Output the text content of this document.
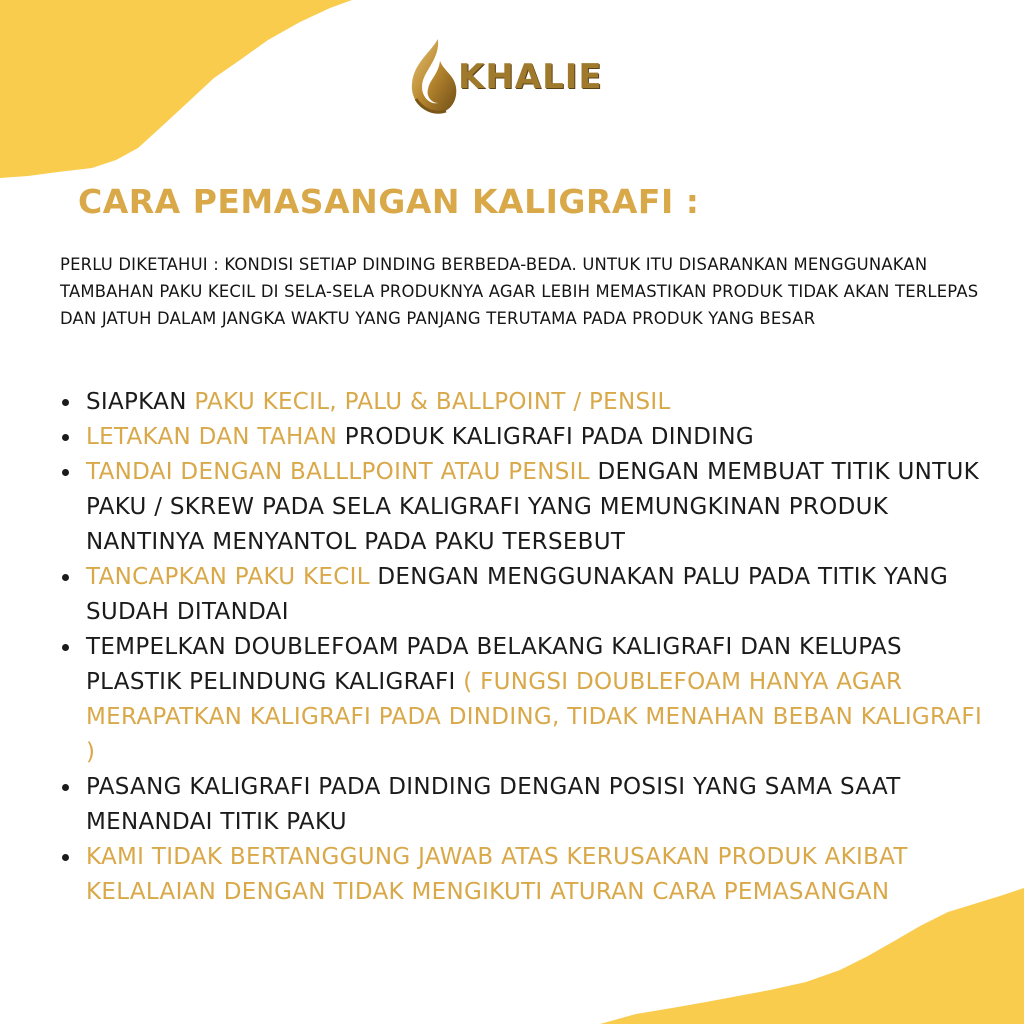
KHALIE
CARA PEMASANGAN KALIGRAFI :

PERLU DIKETAHUI : KONDISI SETIAP DINDING BERBEDA-BEDA. UNTUK ITU DISARANKAN MENGGUNAKAN TAMBAHAN PAKU KECIL DI SELA-SELA PRODUKNYA AGAR LEBIH MEMASTIKAN PRODUK TIDAK AKAN TERLEPAS DAN JATUH DALAM JANGKA WAKTU YANG PANJANG TERUTAMA PADA PRODUK YANG BESAR

SIAPKAN PAKU KECIL, PALU & BALLPOINT / PENSIL
LETAKAN DAN TAHAN PRODUK KALIGRAFI PADA DINDING
TANDAI DENGAN BALLLPOINT ATAU PENSIL DENGAN MEMBUAT TITIK UNTUK PAKU / SKREW PADA SELA KALIGRAFI YANG MEMUNGKINAN PRODUK NANTINYA MENYANTOL PADA PAKU TERSEBUT
TANCAPKAN PAKU KECIL DENGAN MENGGUNAKAN PALU PADA TITIK YANG SUDAH DITANDAI
TEMPELKAN DOUBLEFOAM PADA BELAKANG KALIGRAFI DAN KELUPAS PLASTIK PELINDUNG KALIGRAFI ( FUNGSI DOUBLEFOAM HANYA AGAR MERAPATKAN KALIGRAFI PADA DINDING, TIDAK MENAHAN BEBAN KALIGRAFI )
PASANG KALIGRAFI PADA DINDING DENGAN POSISI YANG SAMA SAAT MENANDAI TITIK PAKU
KAMI TIDAK BERTANGGUNG JAWAB ATAS KERUSAKAN PRODUK AKIBAT KELALAIAN DENGAN TIDAK MENGIKUTI ATURAN CARA PEMASANGAN
